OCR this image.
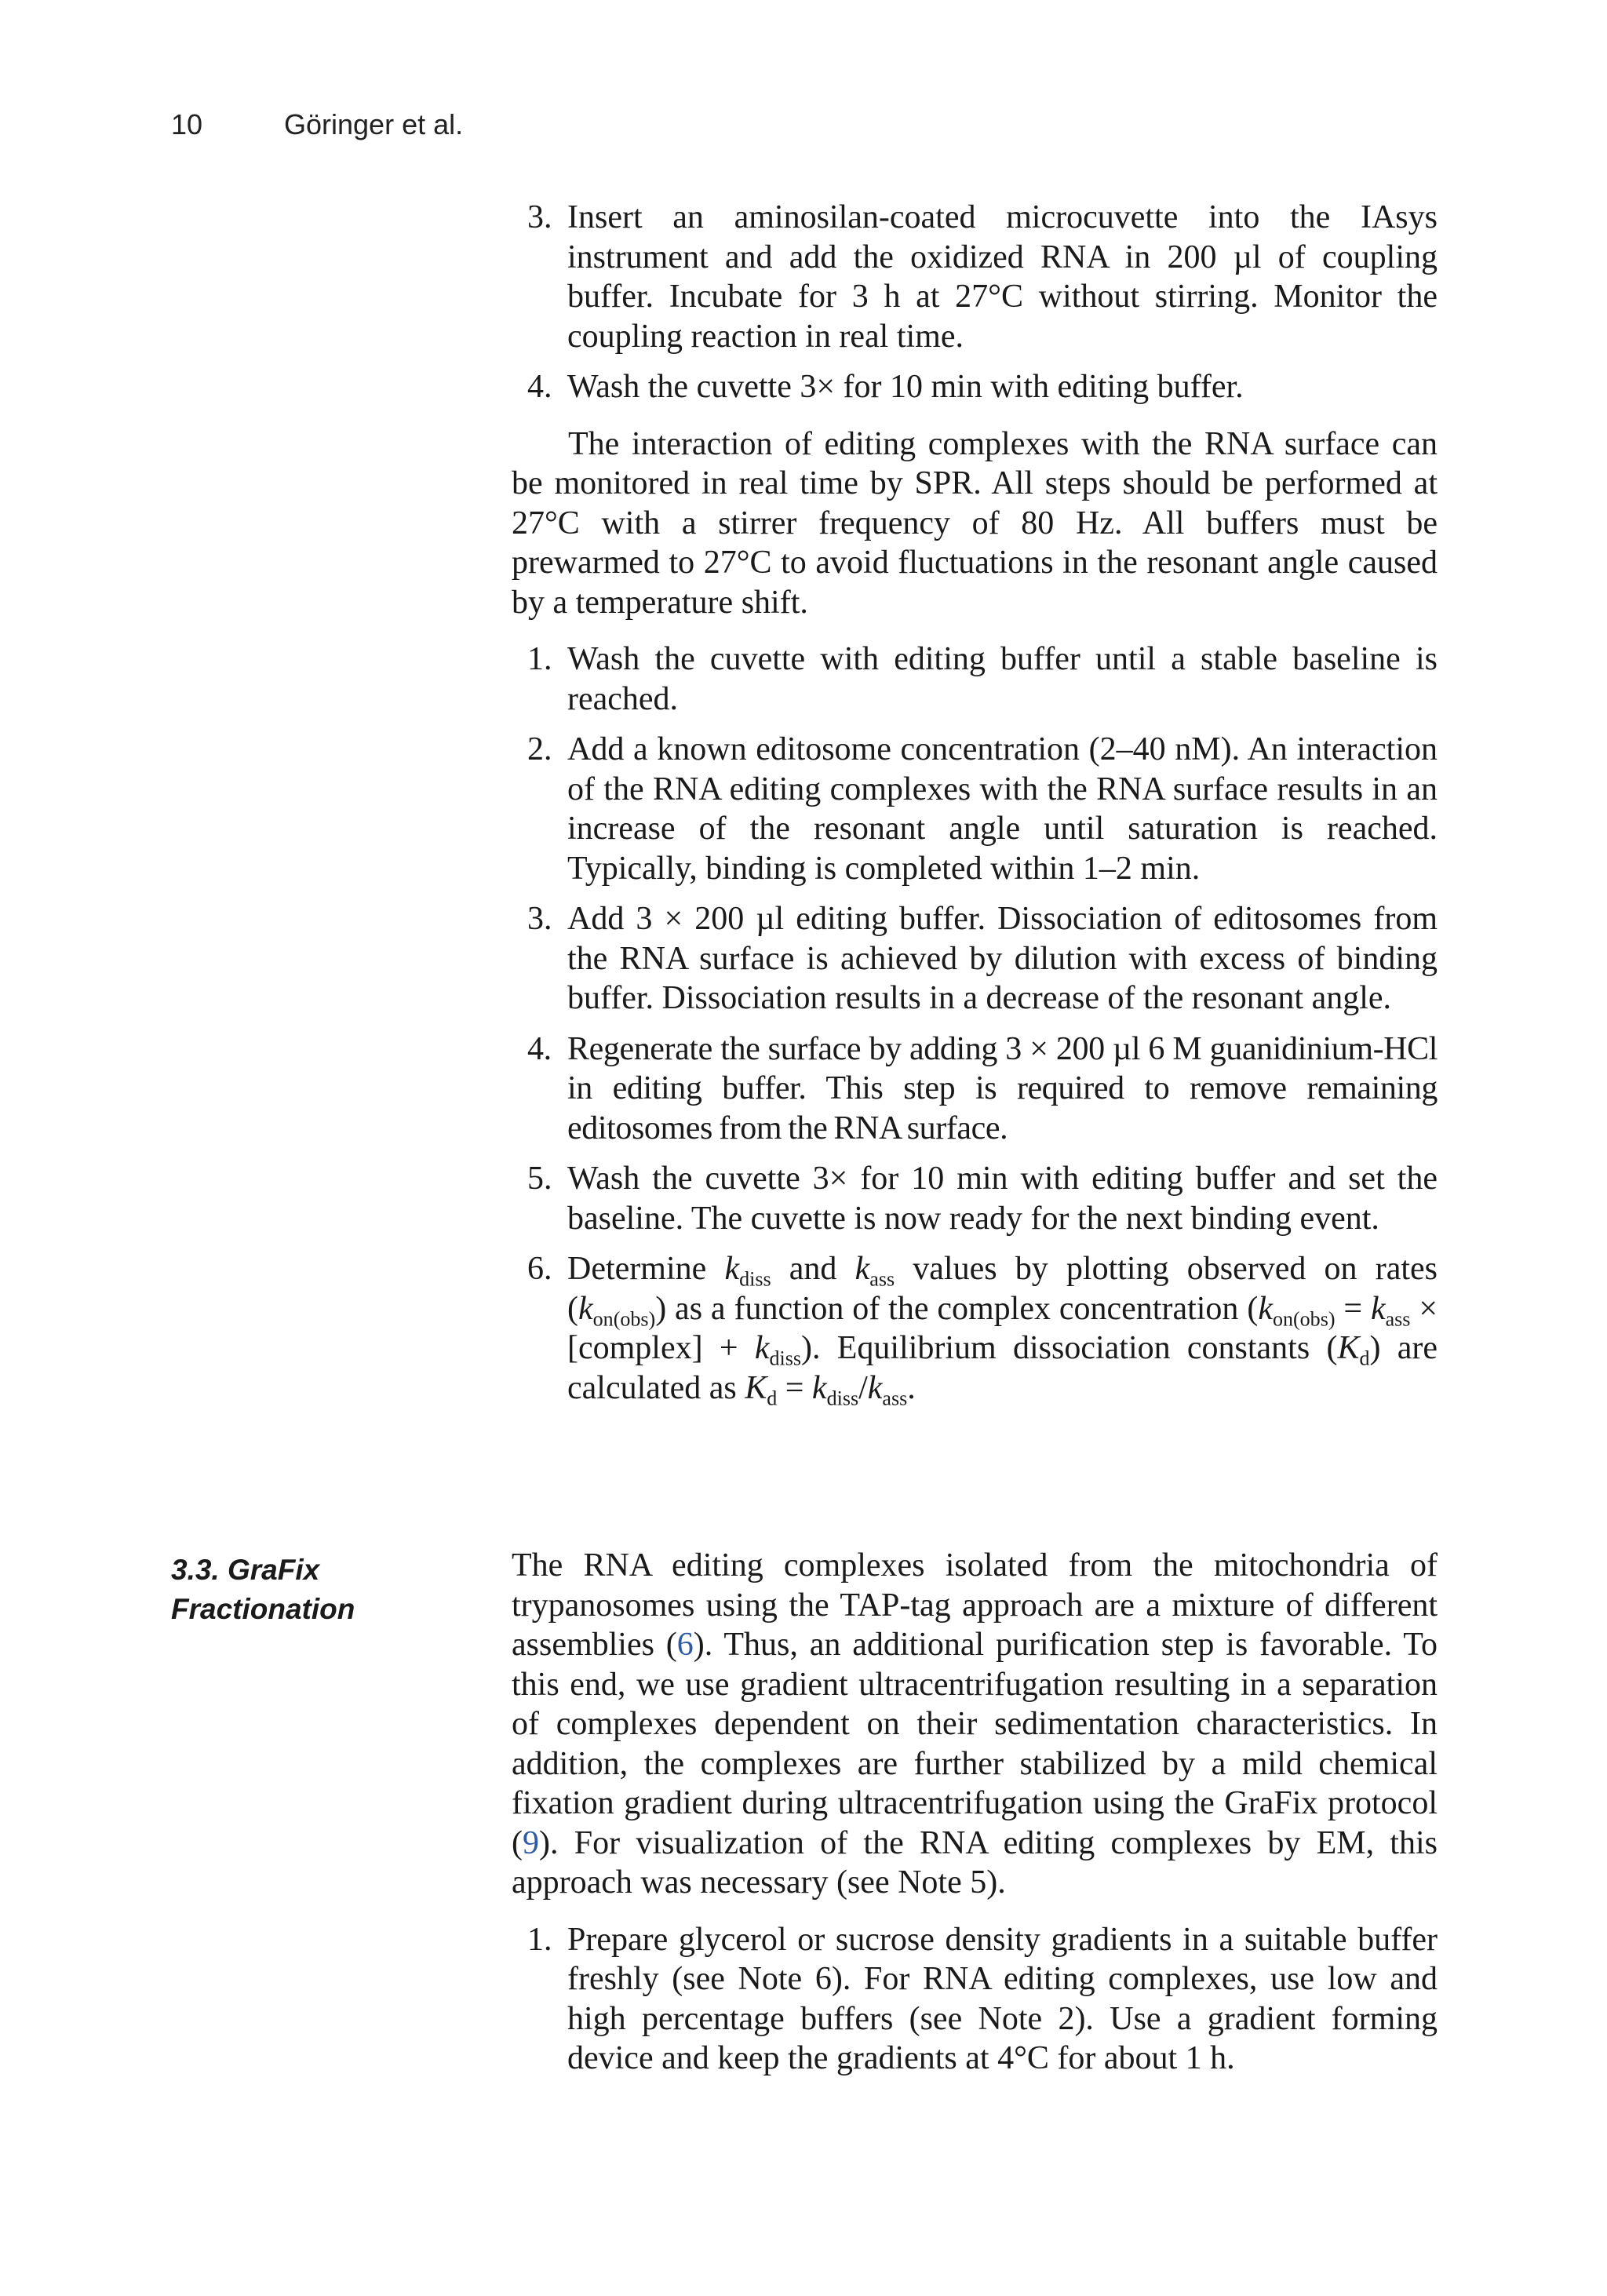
10	Göringer et al.
3. Insert an aminosilan-coated microcuvette into the IAsys instrument and add the oxidized RNA in 200 µl of coupling buffer. Incubate for 3 h at 27°C without stirring. Monitor the coupling reaction in real time.
4. Wash the cuvette 3× for 10 min with editing buffer.

The interaction of editing complexes with the RNA surface can be monitored in real time by SPR. All steps should be performed at 27°C with a stirrer frequency of 80 Hz. All buffers must be prewarmed to 27°C to avoid fluctuations in the resonant angle caused by a temperature shift.

1. Wash the cuvette with editing buffer until a stable baseline is reached.
2. Add a known editosome concentration (2–40 nM). An interaction of the RNA editing complexes with the RNA surface results in an increase of the resonant angle until saturation is reached. Typically, binding is completed within 1–2 min.
3. Add 3 × 200 µl editing buffer. Dissociation of editosomes from the RNA surface is achieved by dilution with excess of binding buffer. Dissociation results in a decrease of the resonant angle.
4. Regenerate the surface by adding 3 × 200 µl 6 M guanidinium-HCl in editing buffer. This step is required to remove remaining editosomes from the RNA surface.
5. Wash the cuvette 3× for 10 min with editing buffer and set the baseline. The cuvette is now ready for the next binding event.
6. Determine $k_{diss}$ and $k_{ass}$ values by plotting observed on rates $(k_{on(obs)})$ as a function of the complex concentration ($k_{on(obs)} = k_{ass}$ × [complex] + $k_{diss}$). Equilibrium dissociation constants $(K_d)$ are calculated as $K_d = k_{diss}/k_{ass}$.
3.3. GraFix
Fractionation

The RNA editing complexes isolated from the mitochondria of trypanosomes using the TAP-tag approach are a mixture of different assemblies (6). Thus, an additional purification step is favorable. To this end, we use gradient ultracentrifugation resulting in a separation of complexes dependent on their sedimentation characteristics. In addition, the complexes are further stabilized by a mild chemical fixation gradient during ultracentrifugation using the GraFix protocol (9). For visualization of the RNA editing complexes by EM, this approach was necessary (see Note 5).

1. Prepare glycerol or sucrose density gradients in a suitable buffer freshly (see Note 6). For RNA editing complexes, use low and high percentage buffers (see Note 2). Use a gradient forming device and keep the gradients at 4°C for about 1 h.
